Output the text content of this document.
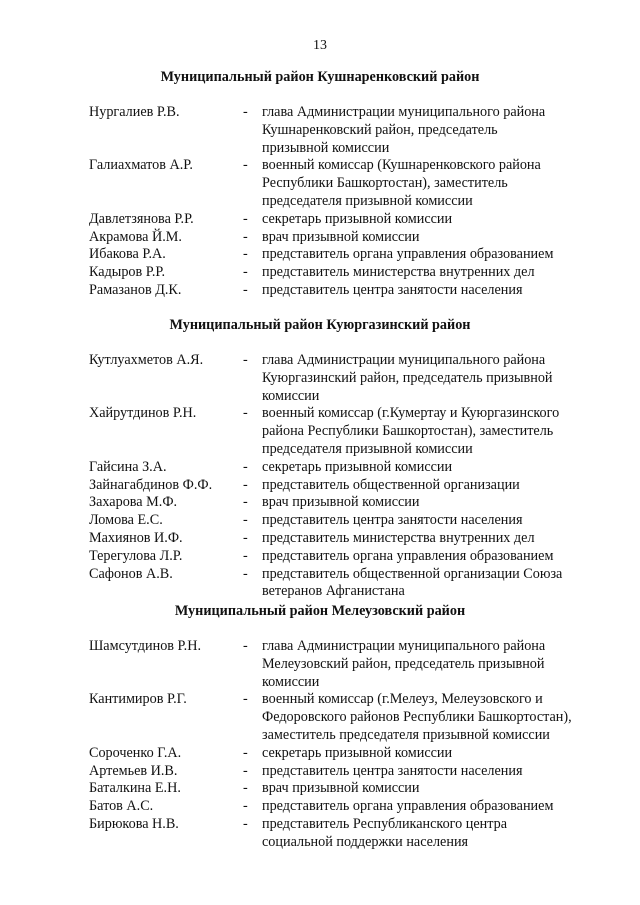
13
Муниципальный район Кушнаренковский район
Нургалиев Р.В.	- глава Администрации муниципального района
Кушнаренковский район, председатель
призывной комиссии
Галиахматов А.Р.	- военный комиссар (Кушнаренковского района
Республики Башкортостан), заместитель
председателя призывной комиссии
Давлетзянова Р.Р.	- секретарь призывной комиссии
Акрамова Й.М.	- врач призывной комиссии
Ибакова Р.А.	- представитель органа управления образованием
Кадыров Р.Р.	- представитель министерства внутренних дел
Рамазанов Д.К.	- представитель центра занятости населения
Муниципальный район Куюргазинский район
Кутлуахметов А.Я.	- глава Администрации муниципального района
Куюргазинский район, председатель призывной
комиссии
Хайрутдинов Р.Н.	- военный комиссар (г.Кумертау и Куюргазинского
района Республики Башкортостан), заместитель
председателя призывной комиссии
Гайсина З.А.	- секретарь призывной комиссии
Зайнагабдинов Ф.Ф. - представитель общественной организации
Захарова М.Ф.	- врач призывной комиссии
Ломова Е.С.	- представитель центра занятости населения
Махиянов И.Ф.	- представитель министерства внутренних дел
Терегулова Л.Р.	- представитель органа управления образованием
Сафонов А.В.	- представитель общественной организации Союза
ветеранов Афганистана
Муниципальный район Мелеузовский район
Шамсутдинов Р.Н.	- глава Администрации муниципального района
Мелеузовский район, председатель призывной
комиссии
Кантимиров Р.Г.	- военный комиссар (г.Мелеуз, Мелеузовского и
Федоровского районов Республики Башкортостан),
заместитель председателя призывной комиссии
Сороченко Г.А.	- секретарь призывной комиссии
Артемьев И.В.	- представитель центра занятости населения
Баталкина Е.Н.	- врач призывной комиссии
Батов А.С.	- представитель органа управления образованием
Бирюкова Н.В.	- представитель Республиканского центра
социальной поддержки населения
